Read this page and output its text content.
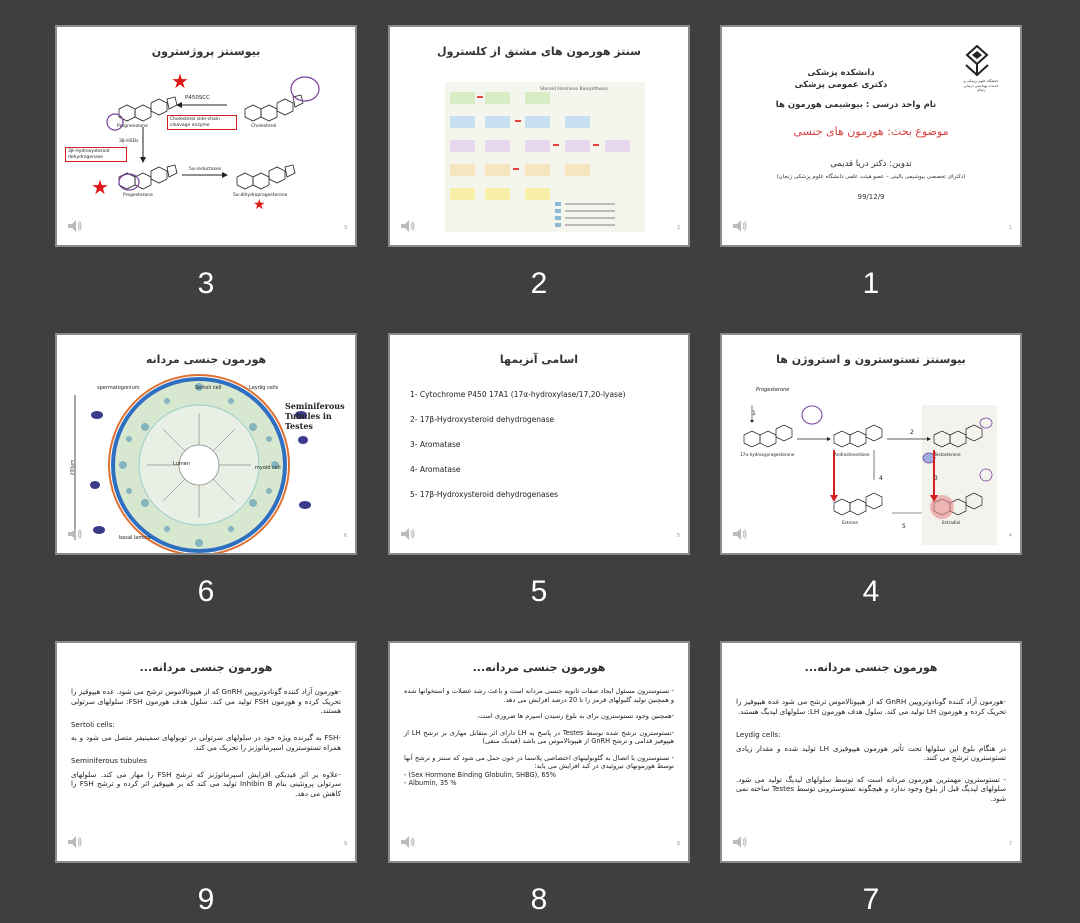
بیوسنتز پروژسترون
P450SCC
Pregnenolone	Cholesterol
Cholesterol side-chain cleavage enzyme
3β-HSDs
3β-Hydroxysteroid dehydrogenase
5α-reductases
Progesterone	5α-dihydroprogesterone
★
★
★
3
3
سنتز هورمون های مشتق از کلسترول
Steroid Hormone Biosynthesis
2
2
دانشگاه علوم پزشکی و خدمات بهداشتی درمانی زنجان
دانشکده پزشکی
دکتری عمومی پزشکی
نام واحد درسی : بیوشیمی هورمون ها
موضوع بحث: هورمون های جنسی
تدوین: دکتر دریا قدیمی
(دکترای تخصصی بیوشیمی بالینی – عضو هیئت علمی دانشگاه علوم پزشکی زنجان)
99/12/9
1
1
هورمون جنسی مردانه
spermatogonium	Sertoli cell	Leydig cells
Lumen
myoid cell
basal lamina
200µm
Seminiferous Tubules in Testes
6
6
اسامی آنزیمها

1- Cytochrome P450 17A1 (17α-hydroxylase/17,20-lyase)

2- 17β-Hydroxysteroid dehydrogenase

3- Aromatase

4- Aromatase

5- 17β-Hydroxysteroid dehydrogenases

5
5
بیوسنتز تستوسترون و استروژن ها
Progesterone
17α-hydroxyprogesterone	Androstenedione	Testosterone
Estrone	Estradiol
1
2
3
4
5
4
4
هورمون جنسی مردانه...

-هورمون آزاد کننده گونادوتروپین GnRH که از هیپوتالاموس ترشح می شود. غده هیپوفیز را تحریک کرده و هورمون FSH تولید می کند. سلول هدف هورمون FSH: سلولهای سرتولی هستند.

Sertoli cells:

-FSH به گیرنده ویژه خود در سلولهای سرتولی در توبولهای سمینیفر متصل می شود و به همراه تستوسترون اسپرماتوژنز را تحریک می کند.

Seminiferous tubules

-علاوه بر اثر فیدبکی افزایش اسپرماتوژنز که ترشح FSH را مهار می کند. سلولهای سرتولی پروتئینی بنام Inhibin B تولید می کند که بر هیپوفیز اثر کرده و ترشح FSH را کاهش می دهد.

9
9
هورمون جنسی مردانه...

- تستوسترون مسئول ایجاد صفات ثانویه جنسی مردانه است و باعث رشد عضلات و استخوانها شده و همچنین تولید گلبولهای قرمز را تا 20 درصد افزایش می دهد.

-همچنین وجود تستوسترون برای به بلوغ رسیدن اسپرم ها ضروری است.

-تستوسترون ترشح شده توسط Testes در پاسخ به LH دارای اثر متقابل مهاری بر ترشح LH از هیپوفیز قدامی و ترشح GnRH از هیپوتالاموس می باشد (فیدبک منفی)

- تستوسترون با اتصال به گلوبولینهای اختصاصی پلاسما در خون حمل می شود که سنتز و ترشح آنها توسط هورمونهای تیروئیدی در کبد افزایش می یابد:

- (Sex Hormone Binding Globulin, SHBG), 65%

- Albumin, 35 %

8
8
هورمون جنسی مردانه...

-هورمون آزاد کننده گونادوتروپین GnRH که از هیپوتالاموس ترشح می شود غده هیپوفیز را تحریک کرده و هورمون LH تولید می کند. سلول هدف هورمون LH: سلولهای لیدیگ هستند.

Leydig cells:

در هنگام بلوغ این سلولها تحت تأثیر هورمون هیپوفیزی LH تولید شده و مقدار زیادی تستوسترون ترشح می کنند.

- تستوسترون مهمترین هورمون مردانه است که توسط سلولهای لیدیگ تولید می شود. سلولهای لیدیگ قبل از بلوغ وجود ندارد و هیچگونه تستوسترونی توسط Testes ساخته نمی شود.

7
7
